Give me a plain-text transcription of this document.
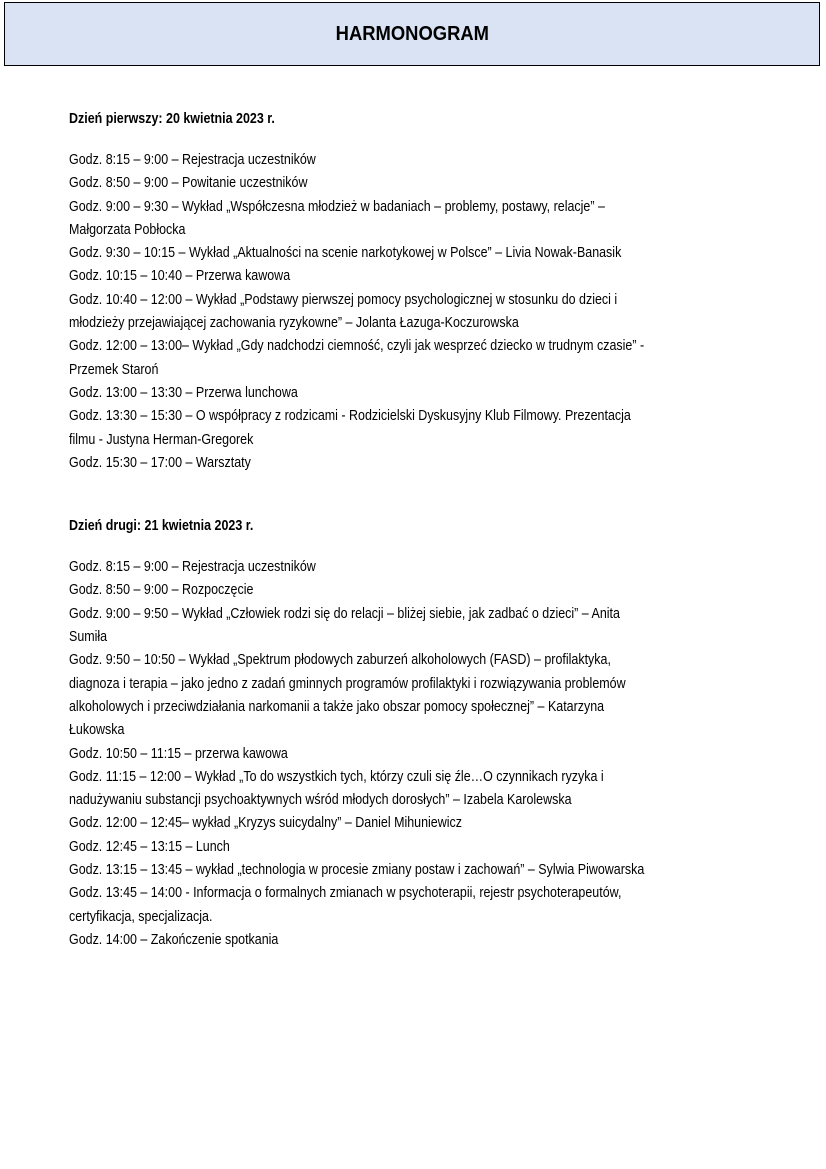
HARMONOGRAM
Dzień pierwszy: 20 kwietnia 2023 r.
Godz. 8:15 – 9:00 – Rejestracja uczestników
Godz. 8:50 – 9:00 – Powitanie uczestników
Godz. 9:00 – 9:30 – Wykład „Współczesna młodzież w badaniach – problemy, postawy, relacje” –
Małgorzata Pobłocka
Godz. 9:30 – 10:15 – Wykład „Aktualności na scenie narkotykowej w Polsce” – Livia Nowak-Banasik
Godz. 10:15 – 10:40 – Przerwa kawowa
Godz. 10:40 – 12:00 – Wykład „Podstawy pierwszej pomocy psychologicznej w stosunku do dzieci i
młodzieży przejawiającej zachowania ryzykowne” – Jolanta Łazuga-Koczurowska
Godz. 12:00 – 13:00– Wykład „Gdy nadchodzi ciemność, czyli jak wesprzeć dziecko w trudnym czasie” -
Przemek Staroń
Godz. 13:00 – 13:30 – Przerwa lunchowa
Godz. 13:30 – 15:30 – O współpracy z rodzicami - Rodzicielski Dyskusyjny Klub Filmowy. Prezentacja
filmu - Justyna Herman-Gregorek
Godz. 15:30 – 17:00 – Warsztaty
Dzień drugi: 21 kwietnia 2023 r.
Godz. 8:15 – 9:00 – Rejestracja uczestników
Godz. 8:50 – 9:00 – Rozpoczęcie
Godz. 9:00 – 9:50 – Wykład „Człowiek rodzi się do relacji – bliżej siebie, jak zadbać o dzieci” – Anita
Sumiła
Godz. 9:50 – 10:50 – Wykład „Spektrum płodowych zaburzeń alkoholowych (FASD) – profilaktyka,
diagnoza i terapia – jako jedno z zadań gminnych programów profilaktyki i rozwiązywania problemów
alkoholowych i przeciwdziałania narkomanii a także jako obszar pomocy społecznej” – Katarzyna
Łukowska
Godz. 10:50 – 11:15 – przerwa kawowa
Godz. 11:15 – 12:00 – Wykład „To do wszystkich tych, którzy czuli się źle…O czynnikach ryzyka i
nadużywaniu substancji psychoaktywnych wśród młodych dorosłych” – Izabela Karolewska
Godz. 12:00 – 12:45– wykład „Kryzys suicydalny” – Daniel Mihuniewicz
Godz. 12:45 – 13:15 – Lunch
Godz. 13:15 – 13:45 – wykład „technologia w procesie zmiany postaw i zachowań” – Sylwia Piwowarska
Godz. 13:45 – 14:00 - Informacja o formalnych zmianach w psychoterapii, rejestr psychoterapeutów,
certyfikacja, specjalizacja.
Godz. 14:00 – Zakończenie spotkania
